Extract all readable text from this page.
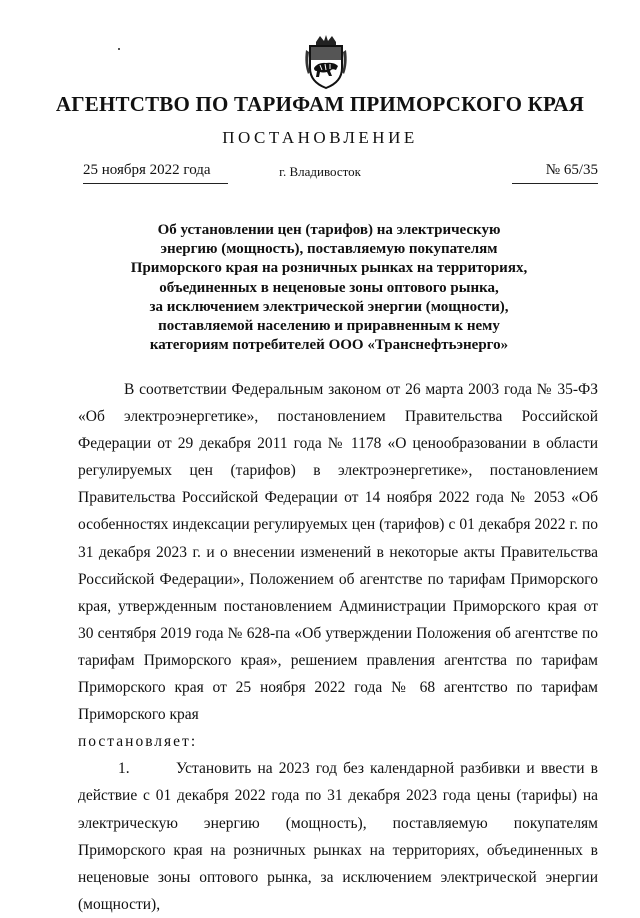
АГЕНТСТВО ПО ТАРИФАМ ПРИМОРСКОГО КРАЯ
ПОСТАНОВЛЕНИЕ
25 ноября 2022 года	г. Владивосток	№ 65/35
Об установлении цен (тарифов) на электрическую
энергию (мощность), поставляемую покупателям
Приморского края на розничных рынках на территориях,
объединенных в неценовые зоны оптового рынка,
за исключением электрической энергии (мощности),
поставляемой населению и приравненным к нему
категориям потребителей ООО «Транснефтьэнерго»

В соответствии Федеральным законом от 26 марта 2003 года № 35-ФЗ «Об электроэнергетике», постановлением Правительства Российской Федерации от 29 декабря 2011 года № 1178 «О ценообразовании в области регулируемых цен (тарифов) в электроэнергетике», постановлением Правительства Российской Федерации от 14 ноября 2022 года № 2053 «Об особенностях индексации регулируемых цен (тарифов) с 01 декабря 2022 г. по 31 декабря 2023 г. и о внесении изменений в некоторые акты Правительства Российской Федерации», Положением об агентстве по тарифам Приморского края, утвержденным постановлением Администрации Приморского края от 30 сентября 2019 года № 628-па «Об утверждении Положения об агентстве по тарифам Приморского края», решением правления агентства по тарифам Приморского края от 25 ноября 2022 года № 68 агентство по тарифам Приморского края

постановляет:

1.	Установить на 2023 год без календарной разбивки и ввести в действие с 01 декабря 2022 года по 31 декабря 2023 года цены (тарифы) на электрическую энергию (мощность), поставляемую покупателям Приморского края на розничных рынках на территориях, объединенных в неценовые зоны оптового рынка, за исключением электрической энергии (мощности),
